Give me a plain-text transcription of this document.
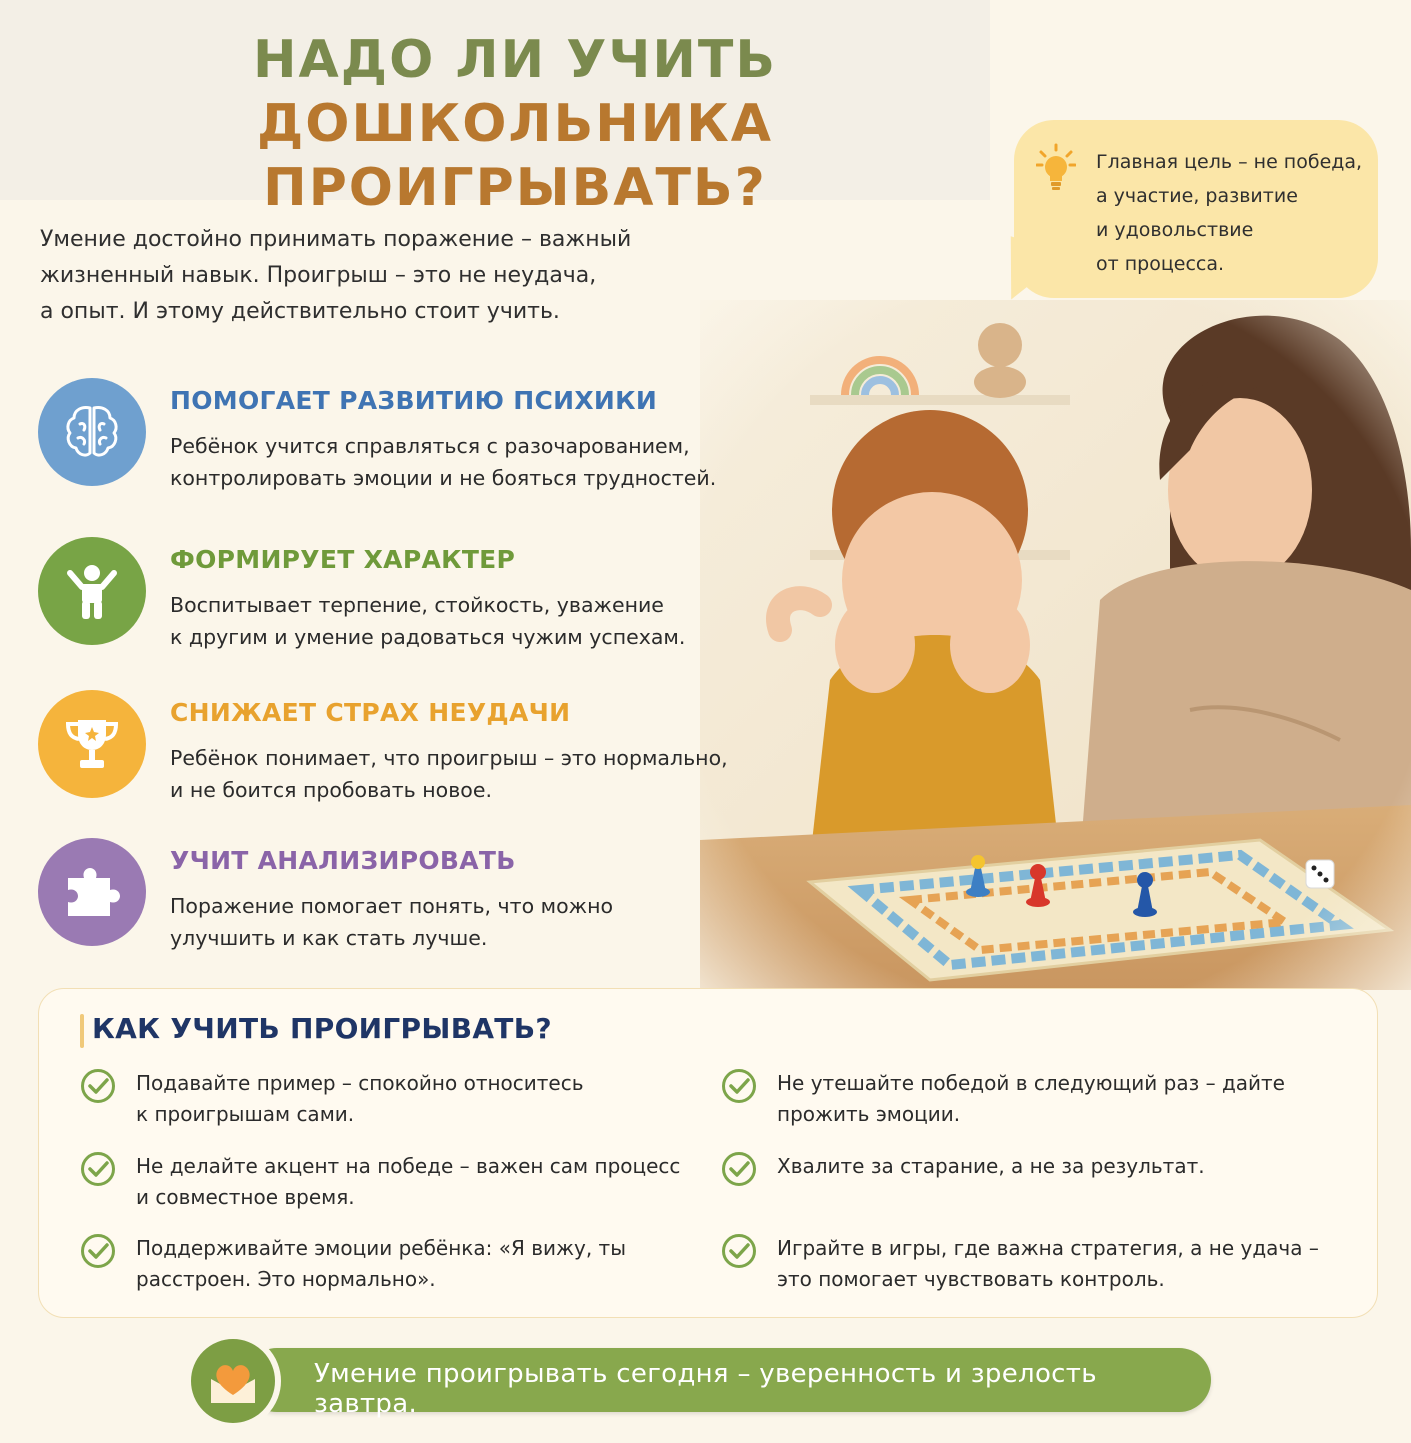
НАДО ЛИ УЧИТЬ
ДОШКОЛЬНИКА ПРОИГРЫВАТЬ?

Умение достойно принимать поражение – важный
жизненный навык. Проигрыш – это не неудача,
а опыт. И этому действительно стоит учить.

Главная цель – не победа,
а участие, развитие
и удовольствие
от процесса.

ПОМОГАЕТ РАЗВИТИЮ ПСИХИКИ
Ребёнок учится справляться с разочарованием,
контролировать эмоции и не бояться трудностей.
ФОРМИРУЕТ ХАРАКТЕР
Воспитывает терпение, стойкость, уважение
к другим и умение радоваться чужим успехам.
СНИЖАЕТ СТРАХ НЕУДАЧИ
Ребёнок понимает, что проигрыш – это нормально,
и не боится пробовать новое.
УЧИТ АНАЛИЗИРОВАТЬ
Поражение помогает понять, что можно
улучшить и как стать лучше.
КАК УЧИТЬ ПРОИГРЫВАТЬ?
Подавайте пример – спокойно относитесь
к проигрышам сами.
Не делайте акцент на победе – важен сам процесс
и совместное время.
Поддерживайте эмоции ребёнка: «Я вижу, ты
расстроен. Это нормально».
Не утешайте победой в следующий раз – дайте
прожить эмоции.
Хвалите за старание, а не за результат.
Играйте в игры, где важна стратегия, а не удача –
это помогает чувствовать контроль.
Умение проигрывать сегодня – уверенность и зрелость завтра.
